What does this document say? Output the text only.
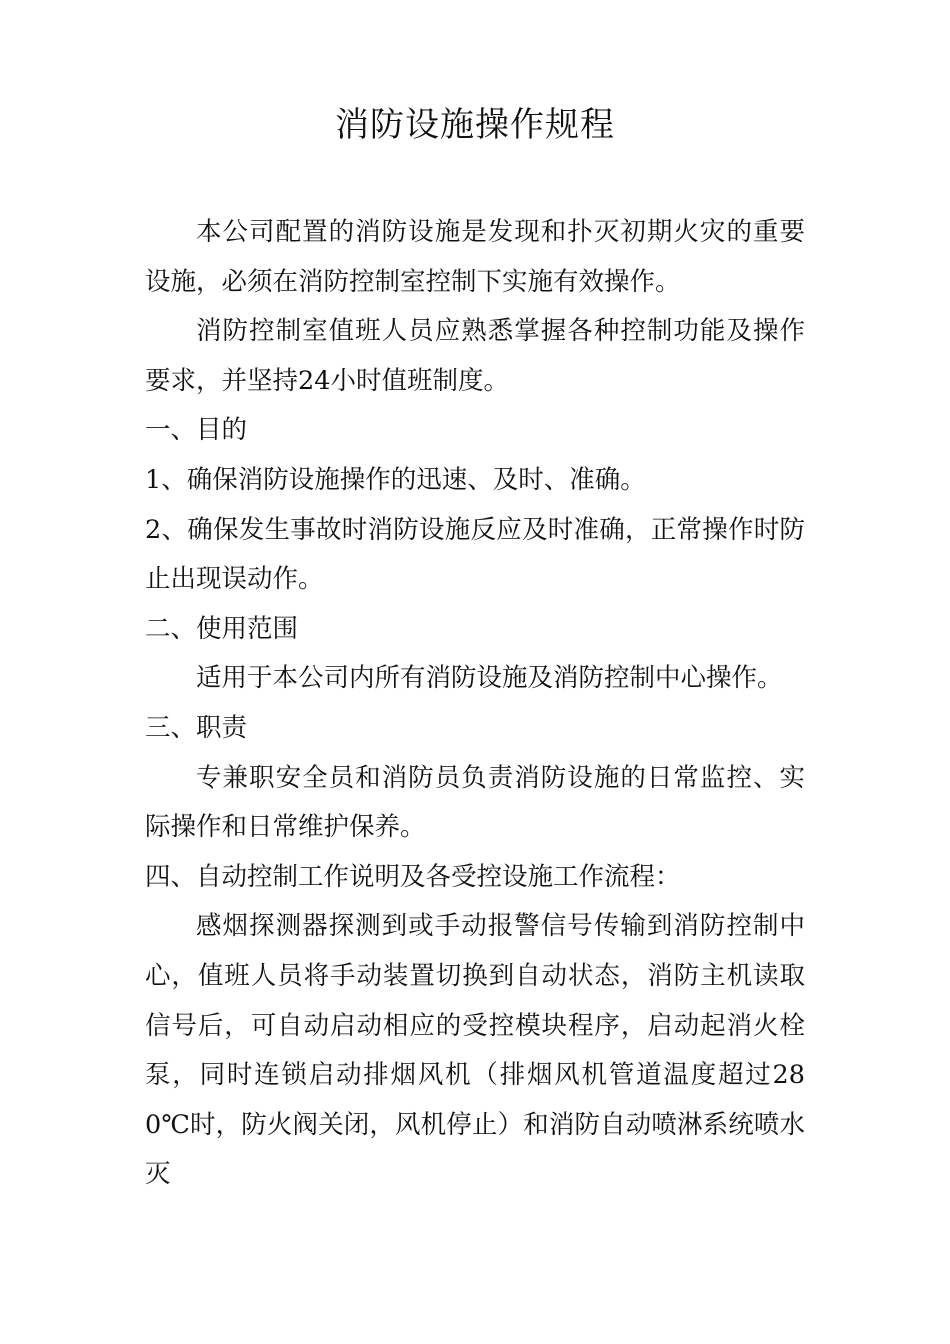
消防设施操作规程

本公司配置的消防设施是发现和扑灭初期火灾的重要设施，必须在消防控制室控制下实施有效操作。

消防控制室值班人员应熟悉掌握各种控制功能及操作要求，并坚持24小时值班制度。

一、目的

1、确保消防设施操作的迅速、及时、准确。

2、确保发生事故时消防设施反应及时准确，正常操作时防止出现误动作。

二、使用范围

适用于本公司内所有消防设施及消防控制中心操作。

三、职责

专兼职安全员和消防员负责消防设施的日常监控、实际操作和日常维护保养。

四、自动控制工作说明及各受控设施工作流程：

感烟探测器探测到或手动报警信号传输到消防控制中心，值班人员将手动装置切换到自动状态，消防主机读取信号后，可自动启动相应的受控模块程序，启动起消火栓泵，同时连锁启动排烟风机（排烟风机管道温度超过280℃时，防火阀关闭，风机停止）和消防自动喷淋系统喷水灭
